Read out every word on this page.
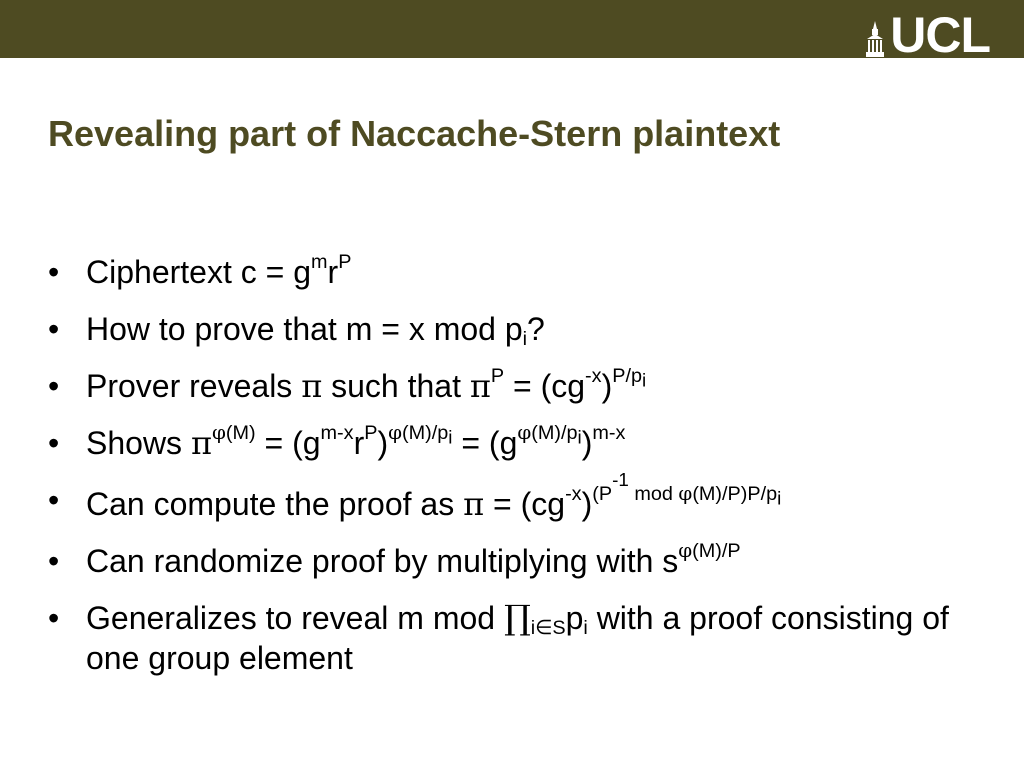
UCL
Revealing part of Naccache-Stern plaintext
• Ciphertext $c = g^mr^P$
• How to prove that m = x mod $p_i$?
• Prover reveals π such that $\pi^P = (cg^{-x})^{P/p_i}$
• Shows $\pi^{\varphi(M)} = (g^{m-x}r^P)^{\varphi(M)/p_i} = (g^{\varphi(M)/p_i})^{m-x}$
• Can compute the proof as $\pi = (cg^{-x})^{(P^{-1} mod \varphi(M)/P)P/p_i}$
• Can randomize proof by multiplying with $s^{\varphi(M)/P}$
• Generalizes to reveal m mod $\prod_{i\in S}p_i$ with a proof consisting of one group element
